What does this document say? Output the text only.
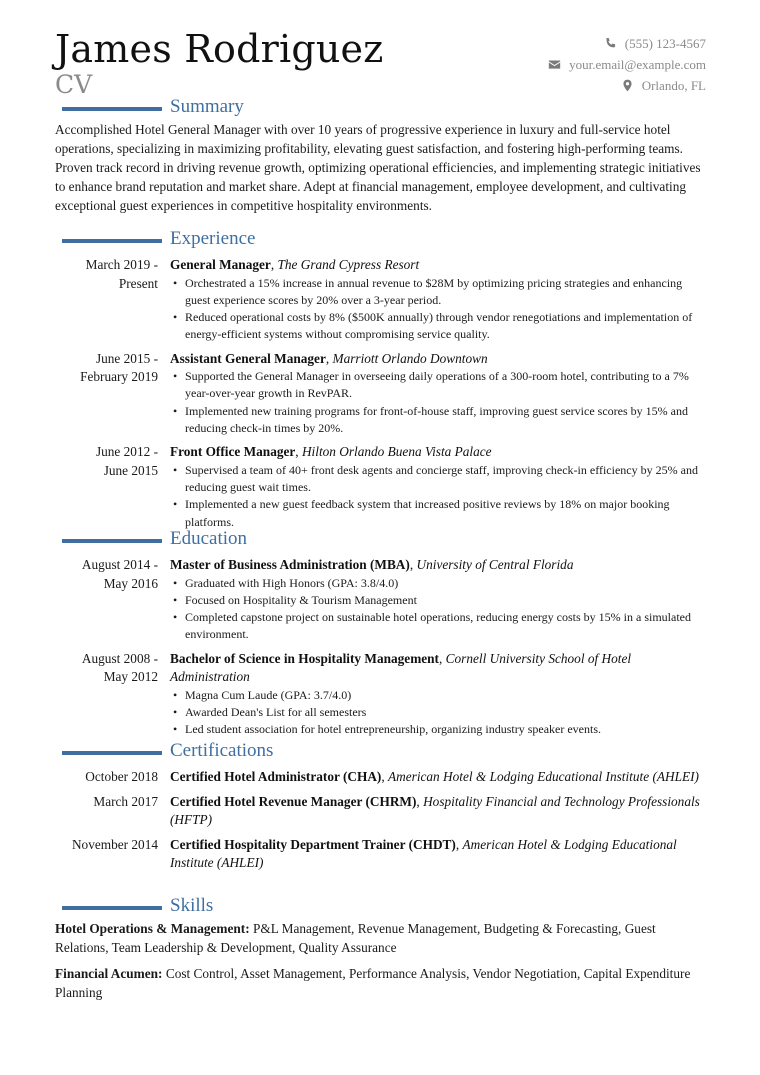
James Rodriguez
CV
(555) 123-4567
your.email@example.com
Orlando, FL
Summary
Accomplished Hotel General Manager with over 10 years of progressive experience in luxury and full-service hotel operations, specializing in maximizing profitability, elevating guest satisfaction, and fostering high-performing teams. Proven track record in driving revenue growth, optimizing operational efficiencies, and implementing strategic initiatives to enhance brand reputation and market share. Adept at financial management, employee development, and cultivating exceptional guest experiences in competitive hospitality environments.
Experience
March 2019 - Present
General Manager, The Grand Cypress Resort
• Orchestrated a 15% increase in annual revenue to $28M by optimizing pricing strategies and enhancing guest experience scores by 20% over a 3-year period.
• Reduced operational costs by 8% ($500K annually) through vendor renegotiations and implementation of energy-efficient systems without compromising service quality.
June 2015 - February 2019
Assistant General Manager, Marriott Orlando Downtown
• Supported the General Manager in overseeing daily operations of a 300-room hotel, contributing to a 7% year-over-year growth in RevPAR.
• Implemented new training programs for front-of-house staff, improving guest service scores by 15% and reducing check-in times by 20%.
June 2012 - June 2015
Front Office Manager, Hilton Orlando Buena Vista Palace
• Supervised a team of 40+ front desk agents and concierge staff, improving check-in efficiency by 25% and reducing guest wait times.
• Implemented a new guest feedback system that increased positive reviews by 18% on major booking platforms.
Education
August 2014 - May 2016
Master of Business Administration (MBA), University of Central Florida
• Graduated with High Honors (GPA: 3.8/4.0)
• Focused on Hospitality & Tourism Management
• Completed capstone project on sustainable hotel operations, reducing energy costs by 15% in a simulated environment.
August 2008 - May 2012
Bachelor of Science in Hospitality Management, Cornell University School of Hotel Administration
• Magna Cum Laude (GPA: 3.7/4.0)
• Awarded Dean's List for all semesters
• Led student association for hotel entrepreneurship, organizing industry speaker events.
Certifications
October 2018 Certified Hotel Administrator (CHA), American Hotel & Lodging Educational Institute (AHLEI)
March 2017 Certified Hotel Revenue Manager (CHRM), Hospitality Financial and Technology Professionals (HFTP)
November 2014 Certified Hospitality Department Trainer (CHDT), American Hotel & Lodging Educational Institute (AHLEI)
Skills
Hotel Operations & Management: P&L Management, Revenue Management, Budgeting & Forecasting, Guest Relations, Team Leadership & Development, Quality Assurance
Financial Acumen: Cost Control, Asset Management, Performance Analysis, Vendor Negotiation, Capital Expenditure Planning
